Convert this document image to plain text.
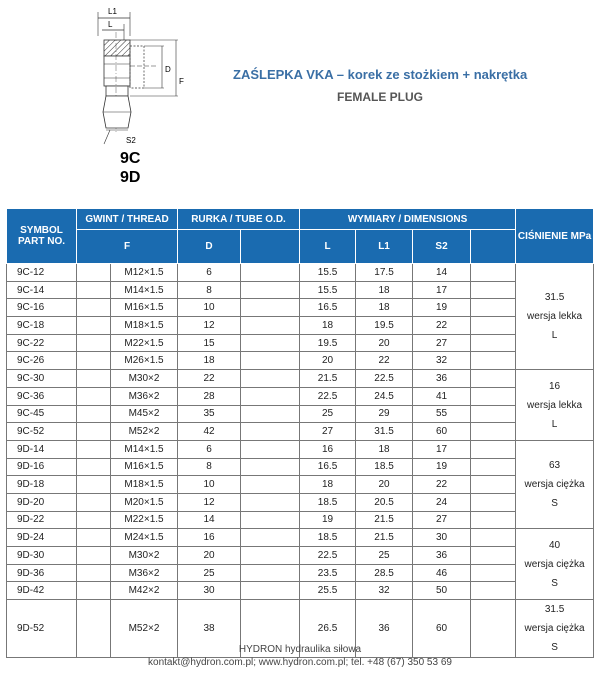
L1
L
S2
D
F
9C
9D
ZAŚLEPKA VKA – korek ze stożkiem + nakrętka
FEMALE PLUG
SYMBOL
PART NO.	GWINT / THREAD		RURKA / TUBE O.D.		WYMIARY / DIMENSIONS				CIŚNIENIE MPa
	F		D		L	L1	S2		
9C-12		M12×1.5	6		15.5	17.5	14		31.5
wersja lekka
L
9C-14		M14×1.5	8		15.5	18	17		
9C-16		M16×1.5	10		16.5	18	19		
9C-18		M18×1.5	12		18	19.5	22		
9C-22		M22×1.5	15		19.5	20	27		
9C-26		M26×1.5	18		20	22	32		
9C-30		M30×2	22		21.5	22.5	36		16
wersja lekka
L
9C-36		M36×2	28		22.5	24.5	41		
9C-45		M45×2	35		25	29	55		
9C-52		M52×2	42		27	31.5	60		
9D-14		M14×1.5	6		16	18	17		63
wersja ciężka
S
9D-16		M16×1.5	8		16.5	18.5	19		
9D-18		M18×1.5	10		18	20	22		
9D-20		M20×1.5	12		18.5	20.5	24		
9D-22		M22×1.5	14		19	21.5	27		
9D-24		M24×1.5	16		18.5	21.5	30		40
wersja ciężka
S
9D-30		M30×2	20		22.5	25	36		
9D-36		M36×2	25		23.5	28.5	46		
9D-42		M42×2	30		25.5	32	50		
9D-52		M52×2	38		26.5	36	60		31.5
wersja ciężka
S
HYDRON hydraulika siłowa
kontakt@hydron.com.pl; www.hydron.com.pl; tel. +48 (67) 350 53 69
